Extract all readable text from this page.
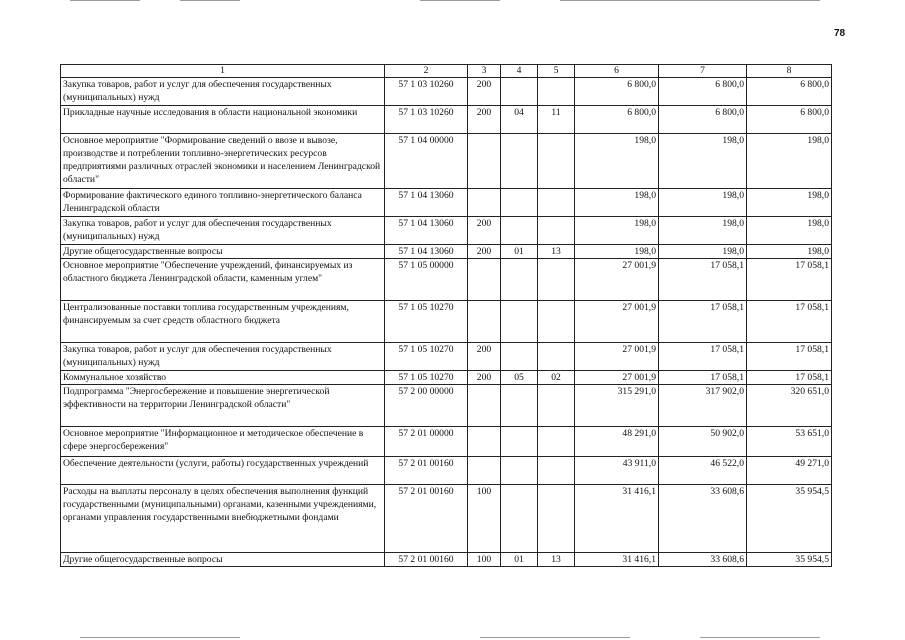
78
1	2	3	4	5	6	7	8
Закупка товаров, работ и услуг для обеспечения государственных (муниципальных) нужд	57 1 03 10260	200			6 800,0	6 800,0	6 800,0
Прикладные научные исследования в области национальной экономики	57 1 03 10260	200	04	11	6 800,0	6 800,0	6 800,0
Основное мероприятие "Формирование сведений о ввозе и вывозе, производстве и потреблении топливно-энергетических ресурсов предприятиями различных отраслей экономики и населением Ленинградской области"	57 1 04 00000				198,0	198,0	198,0
Формирование фактического единого топливно-энергетического баланса Ленинградской области	57 1 04 13060				198,0	198,0	198,0
Закупка товаров, работ и услуг для обеспечения государственных (муниципальных) нужд	57 1 04 13060	200			198,0	198,0	198,0
Другие общегосударственные вопросы	57 1 04 13060	200	01	13	198,0	198,0	198,0
Основное мероприятие "Обеспечение учреждений, финансируемых из областного бюджета Ленинградской области, каменным углем"	57 1 05 00000				27 001,9	17 058,1	17 058,1
Централизованные поставки топлива государственным учреждениям, финансируемым за счет средств областного бюджета	57 1 05 10270				27 001,9	17 058,1	17 058,1
Закупка товаров, работ и услуг для обеспечения государственных (муниципальных) нужд	57 1 05 10270	200			27 001,9	17 058,1	17 058,1
Коммунальное хозяйство	57 1 05 10270	200	05	02	27 001,9	17 058,1	17 058,1
Подпрограмма "Энергосбережение и повышение энергетической эффективности на территории Ленинградской области"	57 2 00 00000				315 291,0	317 902,0	320 651,0
Основное мероприятие "Информационное и методическое обеспечение в сфере энергосбережения"	57 2 01 00000				48 291,0	50 902,0	53 651,0
Обеспечение деятельности (услуги, работы) государственных учреждений	57 2 01 00160				43 911,0	46 522,0	49 271,0
Расходы на выплаты персоналу в целях обеспечения выполнения функций государственными (муниципальными) органами, казенными учреждениями, органами управления государственными внебюджетными фондами	57 2 01 00160	100			31 416,1	33 608,6	35 954,5
Другие общегосударственные вопросы	57 2 01 00160	100	01	13	31 416,1	33 608,6	35 954,5
